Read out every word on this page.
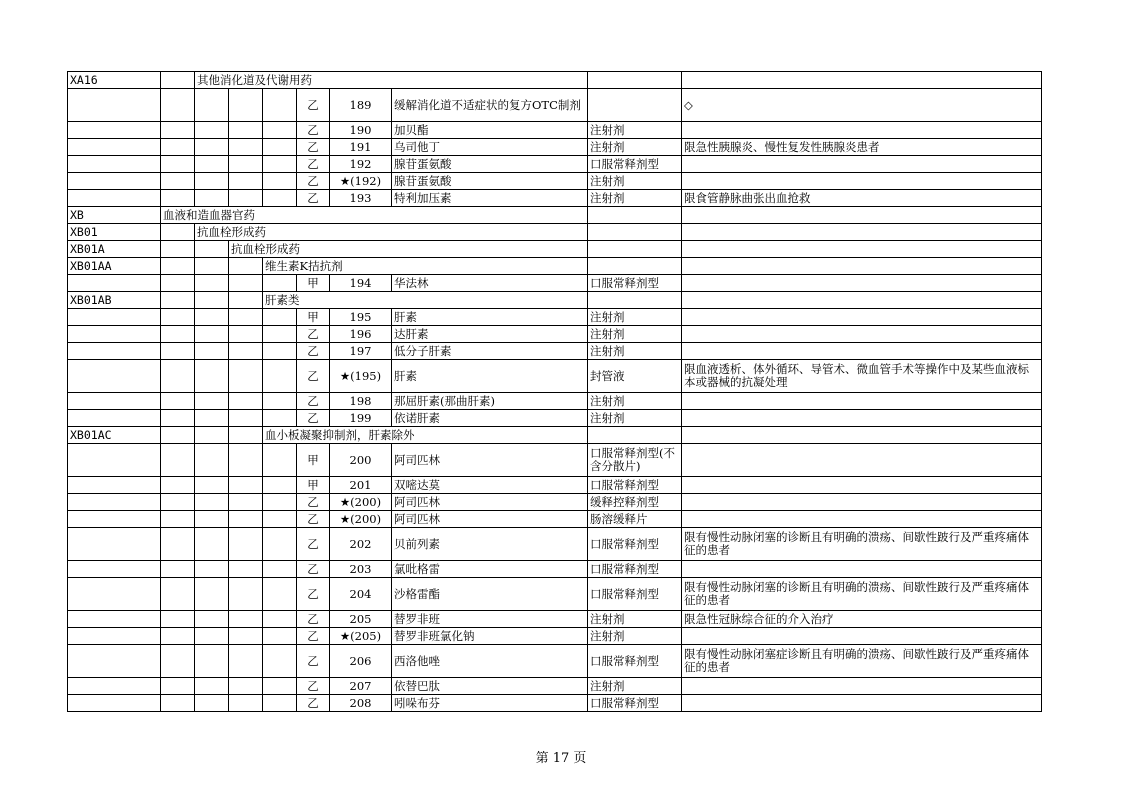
XA16		其他消化道及代谢用药							
					乙	189	缓解消化道不适症状的复方OTC制剂		◇
					乙	190	加贝酯	注射剂	
					乙	191	乌司他丁	注射剂	限急性胰腺炎、慢性复发性胰腺炎患者
					乙	192	腺苷蛋氨酸	口服常释剂型	
					乙	★(192)	腺苷蛋氨酸	注射剂	
					乙	193	特利加压素	注射剂	限食管静脉曲张出血抢救
XB	血液和造血器官药								
XB01		抗血栓形成药							
XB01A			抗血栓形成药						
XB01AA				维生素K拮抗剂					
					甲	194	华法林	口服常释剂型	
XB01AB				肝素类					
					甲	195	肝素	注射剂	
					乙	196	达肝素	注射剂	
					乙	197	低分子肝素	注射剂	
					乙	★(195)	肝素	封管液	限血液透析、体外循环、导管术、微血管手术等操作中及某些血液标本或器械的抗凝处理
					乙	198	那屈肝素(那曲肝素)	注射剂	
					乙	199	依诺肝素	注射剂	
XB01AC				血小板凝聚抑制剂，肝素除外					
					甲	200	阿司匹林	口服常释剂型(不含分散片)	
					甲	201	双嘧达莫	口服常释剂型	
					乙	★(200)	阿司匹林	缓释控释剂型	
					乙	★(200)	阿司匹林	肠溶缓释片	
					乙	202	贝前列素	口服常释剂型	限有慢性动脉闭塞的诊断且有明确的溃疡、间歇性跛行及严重疼痛体征的患者
					乙	203	氯吡格雷	口服常释剂型	
					乙	204	沙格雷酯	口服常释剂型	限有慢性动脉闭塞的诊断且有明确的溃疡、间歇性跛行及严重疼痛体征的患者
					乙	205	替罗非班	注射剂	限急性冠脉综合征的介入治疗
					乙	★(205)	替罗非班氯化钠	注射剂	
					乙	206	西洛他唑	口服常释剂型	限有慢性动脉闭塞症诊断且有明确的溃疡、间歇性跛行及严重疼痛体征的患者
					乙	207	依替巴肽	注射剂	
					乙	208	吲哚布芬	口服常释剂型	
第 17 页
